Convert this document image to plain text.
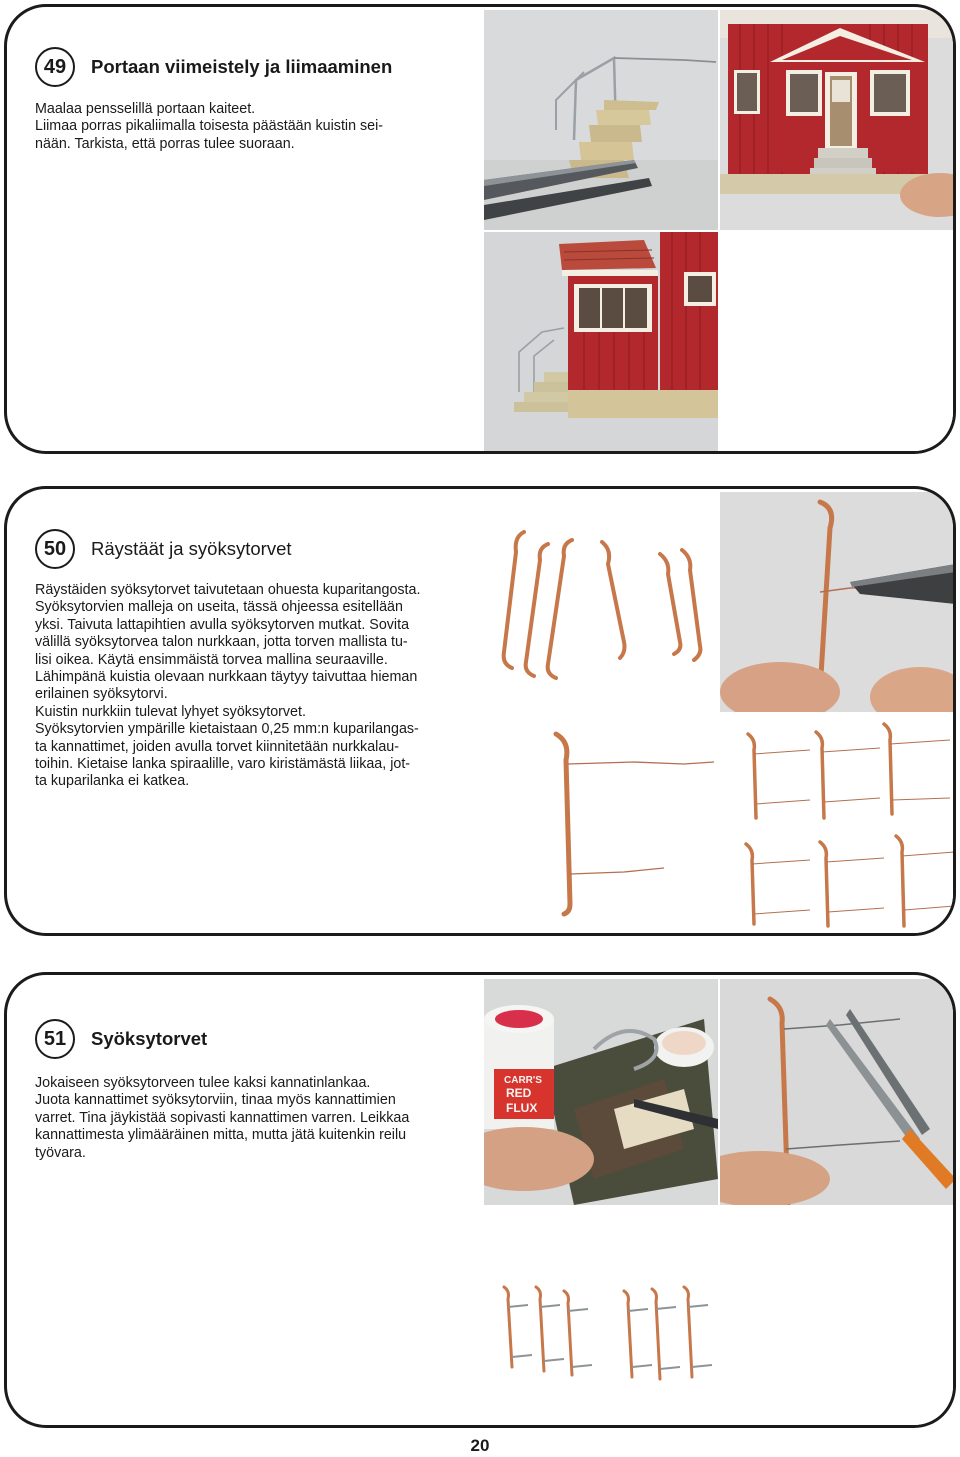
49	Portaan viimeistely ja liimaaminen

Maalaa pensselillä portaan kaiteet.
Liimaa porras pikaliimalla toisesta päästään kuistin sei-
nään. Tarkista, että porras tulee suoraan.

50	Räystäät ja syöksytorvet

Räystäiden syöksytorvet taivutetaan ohuesta kuparitangosta.
Syöksytorvien malleja on useita, tässä ohjeessa esitellään
yksi. Taivuta lattapihtien avulla syöksytorven mutkat. Sovita
välillä syöksytorvea talon nurkkaan, jotta torven mallista tu-
lisi oikea. Käytä ensimmäistä torvea mallina seuraaville.
Lähimpänä kuistia olevaan nurkkaan täytyy taivuttaa hieman
erilainen syöksytorvi.
Kuistin nurkkiin tulevat lyhyet syöksytorvet.
Syöksytorvien ympärille kietaistaan 0,25 mm:n kuparilangas-
ta kannattimet, joiden avulla torvet kiinnitetään nurkkalau-
toihin. Kietaise lanka spiraalille, varo kiristämästä liikaa, jot-
ta kuparilanka ei katkea.

51	Syöksytorvet

Jokaiseen syöksytorveen tulee kaksi kannatinlankaa.
Juota kannattimet syöksytorviin, tinaa myös kannattimien
varret. Tina jäykistää sopivasti kannattimen varren. Leikkaa
kannattimesta ylimääräinen mitta, mutta jätä kuitenkin reilu
työvara.

CARR'S
RED
FLUX
20
